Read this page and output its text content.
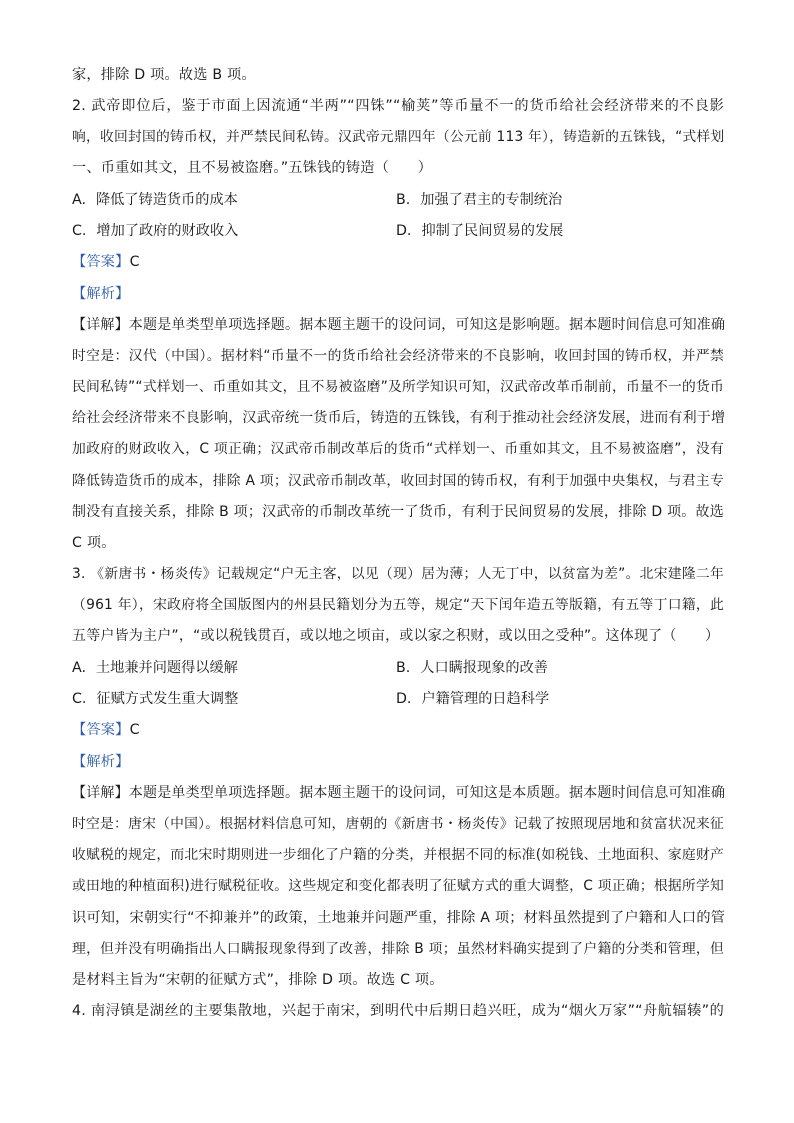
家，排除 D 项。故选 B 项。
2. 武帝即位后，鉴于市面上因流通“半两”“四铢”“榆荚”等币量不一的货币给社会经济带来的不良影
响，收回封国的铸币权，并严禁民间私铸。汉武帝元鼎四年（公元前 113 年），铸造新的五铢钱，“式样划
一、币重如其文，且不易被盗磨。”五铢钱的铸造（　　）
A. 降低了铸造货币的成本	B. 加强了君主的专制统治
C. 增加了政府的财政收入	D. 抑制了民间贸易的发展
【答案】C
【解析】
【详解】本题是单类型单项选择题。据本题主题干的设问词，可知这是影响题。据本题时间信息可知准确
时空是：汉代（中国）。据材料“币量不一的货币给社会经济带来的不良影响，收回封国的铸币权，并严禁
民间私铸”“式样划一、币重如其文，且不易被盗磨”及所学知识可知，汉武帝改革币制前，币量不一的货币
给社会经济带来不良影响，汉武帝统一货币后，铸造的五铢钱，有利于推动社会经济发展，进而有利于增
加政府的财政收入，C 项正确；汉武帝币制改革后的货币“式样划一、币重如其文，且不易被盗磨”，没有
降低铸造货币的成本，排除 A 项；汉武帝币制改革，收回封国的铸币权，有利于加强中央集权，与君主专
制没有直接关系，排除 B 项；汉武帝的币制改革统一了货币，有利于民间贸易的发展，排除 D 项。故选
C 项。
3. 《新唐书・杨炎传》记载规定“户无主客，以见（现）居为薄；人无丁中，以贫富为差”。北宋建隆二年
（961 年），宋政府将全国版图内的州县民籍划分为五等，规定“天下闰年造五等版籍，有五等丁口籍，此
五等户皆为主户”，“或以税钱贯百，或以地之顷亩，或以家之积财，或以田之受种”。这体现了（　　）
A. 土地兼并问题得以缓解	B. 人口瞒报现象的改善
C. 征赋方式发生重大调整	D. 户籍管理的日趋科学
【答案】C
【解析】
【详解】本题是单类型单项选择题。据本题主题干的设问词，可知这是本质题。据本题时间信息可知准确
时空是：唐宋（中国）。根据材料信息可知，唐朝的《新唐书・杨炎传》记载了按照现居地和贫富状况来征
收赋税的规定，而北宋时期则进一步细化了户籍的分类，并根据不同的标准(如税钱、土地面积、家庭财产
或田地的种植面积)进行赋税征收。这些规定和变化都表明了征赋方式的重大调整，C 项正确；根据所学知
识可知，宋朝实行“不抑兼并”的政策，土地兼并问题严重，排除 A 项；材料虽然提到了户籍和人口的管
理，但并没有明确指出人口瞒报现象得到了改善，排除 B 项；虽然材料确实提到了户籍的分类和管理，但
是材料主旨为“宋朝的征赋方式”，排除 D 项。故选 C 项。
4. 南浔镇是湖丝的主要集散地，兴起于南宋，到明代中后期日趋兴旺，成为“烟火万家”“舟航辐辏”的
